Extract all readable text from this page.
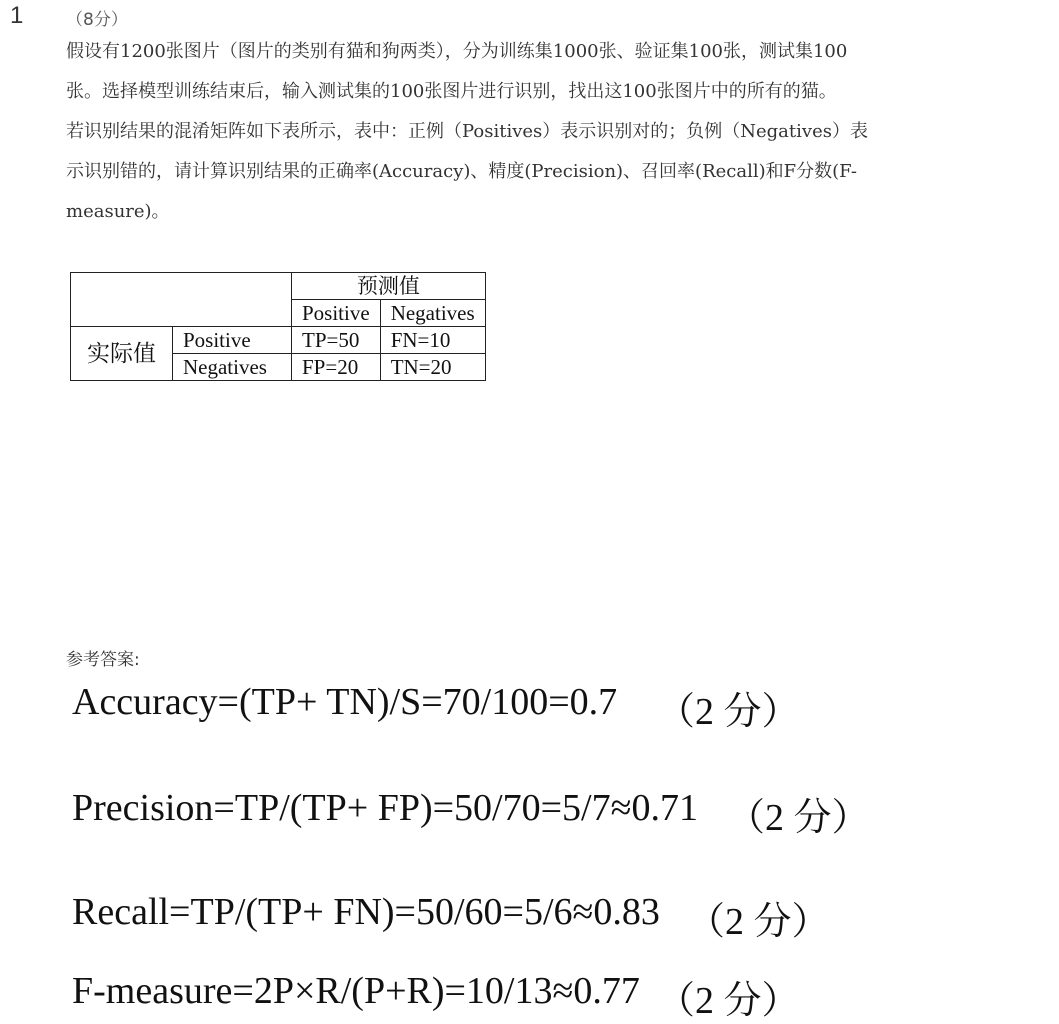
1	（8分）
假设有1200张图片（图片的类别有猫和狗两类），分为训练集1000张、验证集100张，测试集100
张。选择模型训练结束后，输入测试集的100张图片进行识别，找出这100张图片中的所有的猫。
若识别结果的混淆矩阵如下表所示，表中：正例（Positives）表示识别对的；负例（Negatives）表
示识别错的，请计算识别结果的正确率(Accuracy)、精度(Precision)、召回率(Recall)和F分数(F-
measure)。
		预测值	
		Positive	Negatives
实际值	Positive	TP=50	FN=10
	Negatives	FP=20	TN=20
参考答案:
Accuracy=(TP+ TN)/S=70/100=0.7 （2 分）
Precision=TP/(TP+ FP)=50/70=5/7≈0.71 （2 分）
Recall=TP/(TP+ FN)=50/60=5/6≈0.83 （2 分）
F-measure=2P×R/(P+R)=10/13≈0.77 （2 分）
